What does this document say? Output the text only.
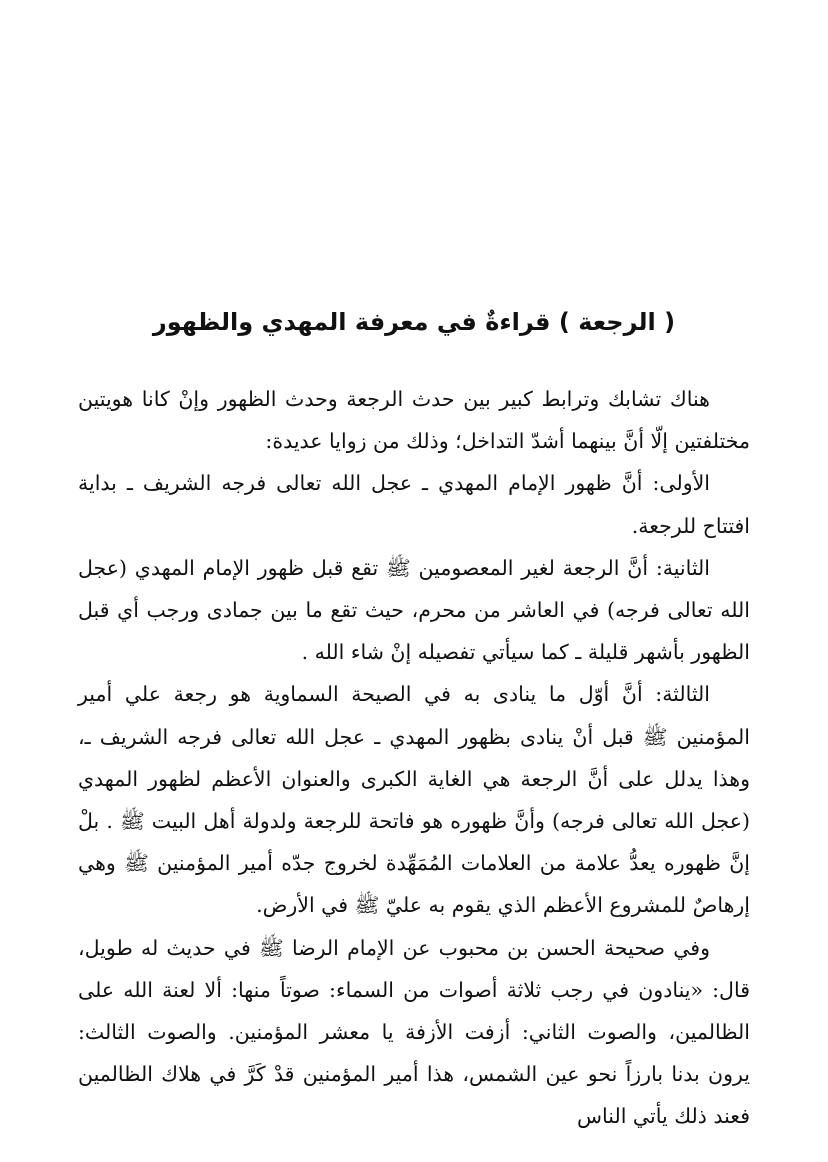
( الرجعة ) قراءةٌ في معرفة المهدي والظهور

هناك تشابك وترابط كبير بين حدث الرجعة وحدث الظهور وإنْ كانا هويتين مختلفتين إلّا أنَّ بينهما أشدّ التداخل؛ وذلك من زوايا عديدة:

الأولى: أنَّ ظهور الإمام المهدي ـ عجل الله تعالى فرجه الشريف ـ بداية افتتاح للرجعة.

الثانية: أنَّ الرجعة لغير المعصومين ﷺ تقع قبل ظهور الإمام المهدي (عجل الله تعالى فرجه) في العاشر من محرم، حيث تقع ما بين جمادى ورجب أي قبل الظهور بأشهر قليلة ـ كما سيأتي تفصيله إنْ شاء الله .

الثالثة: أنَّ أوّل ما ينادى به في الصيحة السماوية هو رجعة علي أمير المؤمنين ﷺ قبل أنْ ينادى بظهور المهدي ـ عجل الله تعالى فرجه الشريف ـ، وهذا يدلل على أنَّ الرجعة هي الغاية الكبرى والعنوان الأعظم لظهور المهدي (عجل الله تعالى فرجه) وأنَّ ظهوره هو فاتحة للرجعة ولدولة أهل البيت ﷺ . بلْ إنَّ ظهوره يعدُّ علامة من العلامات المُمَهِّدة لخروج جدّه أمير المؤمنين ﷺ وهي إرهاصٌ للمشروع الأعظم الذي يقوم به عليّ ﷺ في الأرض.

وفي صحيحة الحسن بن محبوب عن الإمام الرضا ﷺ في حديث له طويل، قال: «ينادون في رجب ثلاثة أصوات من السماء: صوتاً منها: ألا لعنة الله على الظالمين، والصوت الثاني: أزفت الأزفة يا معشر المؤمنين. والصوت الثالث: يرون بدنا بارزاً نحو عين الشمس، هذا أمير المؤمنين قدْ كَرَّ في هلاك الظالمين فعند ذلك يأتي الناس
